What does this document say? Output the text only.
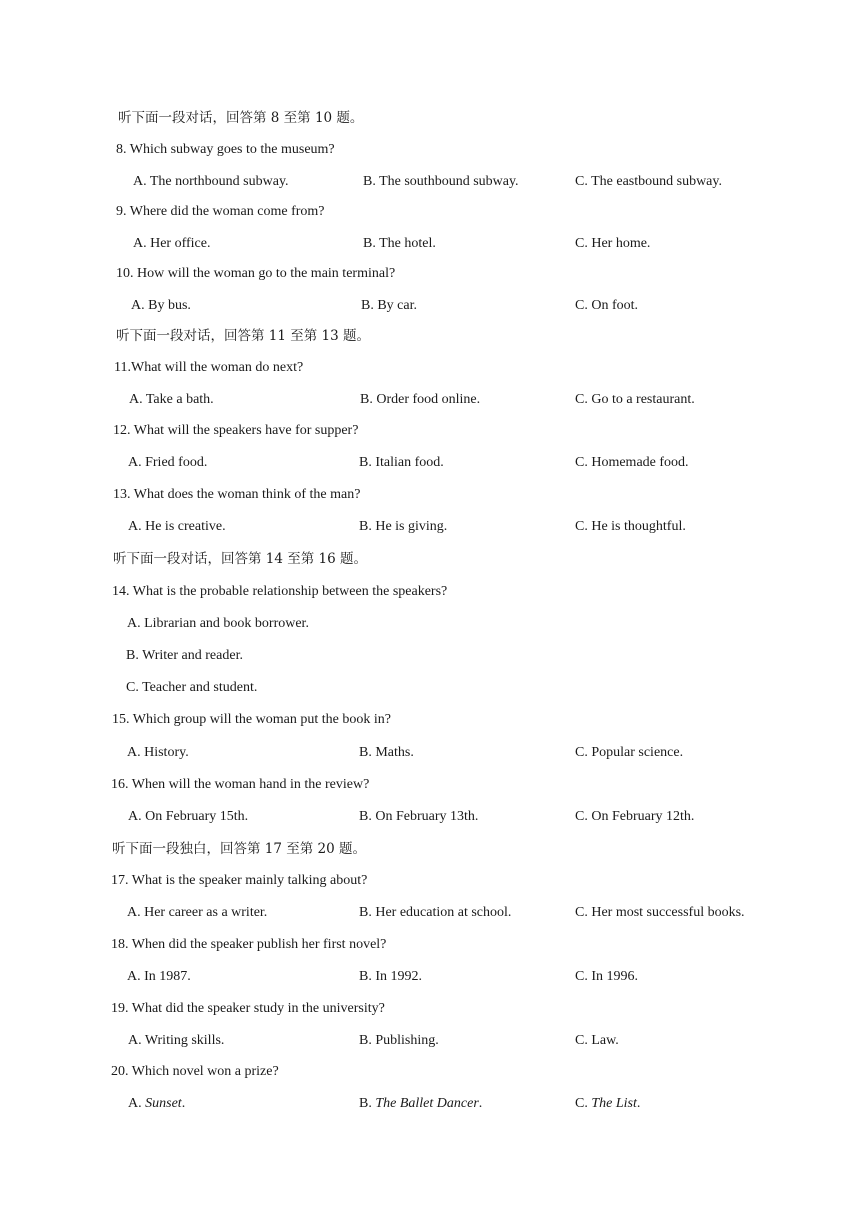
听下面一段对话，回答第 8 至第 10 题。
8. Which subway goes to the museum?
A. The northbound subway.	B. The southbound subway.	C. The eastbound subway.
9. Where did the woman come from?
A. Her office.	B. The hotel.	C. Her home.
10. How will the woman go to the main terminal?
A. By bus.	B. By car.	C. On foot.
听下面一段对话，回答第 11 至第 13 题。
11.What will the woman do next?
A. Take a bath.	B. Order food online.	C. Go to a restaurant.
12. What will the speakers have for supper?
A. Fried food.	B. Italian food.	C. Homemade food.
13. What does the woman think of the man?
A. He is creative.	B. He is giving.	C. He is thoughtful.
听下面一段对话，回答第 14 至第 16 题。
14. What is the probable relationship between the speakers?
A. Librarian and book borrower.
B. Writer and reader.
C. Teacher and student.
15. Which group will the woman put the book in?
A. History.	B. Maths.	C. Popular science.
16. When will the woman hand in the review?
A. On February 15th.	B. On February 13th.	C. On February 12th.
听下面一段独白，回答第 17 至第 20 题。
17. What is the speaker mainly talking about?
A. Her career as a writer.	B. Her education at school.	C. Her most successful books.
18. When did the speaker publish her first novel?
A. In 1987.	B. In 1992.	C. In 1996.
19. What did the speaker study in the university?
A. Writing skills.	B. Publishing.	C. Law.
20. Which novel won a prize?
A. Sunset.	B. The Ballet Dancer.	C. The List.
